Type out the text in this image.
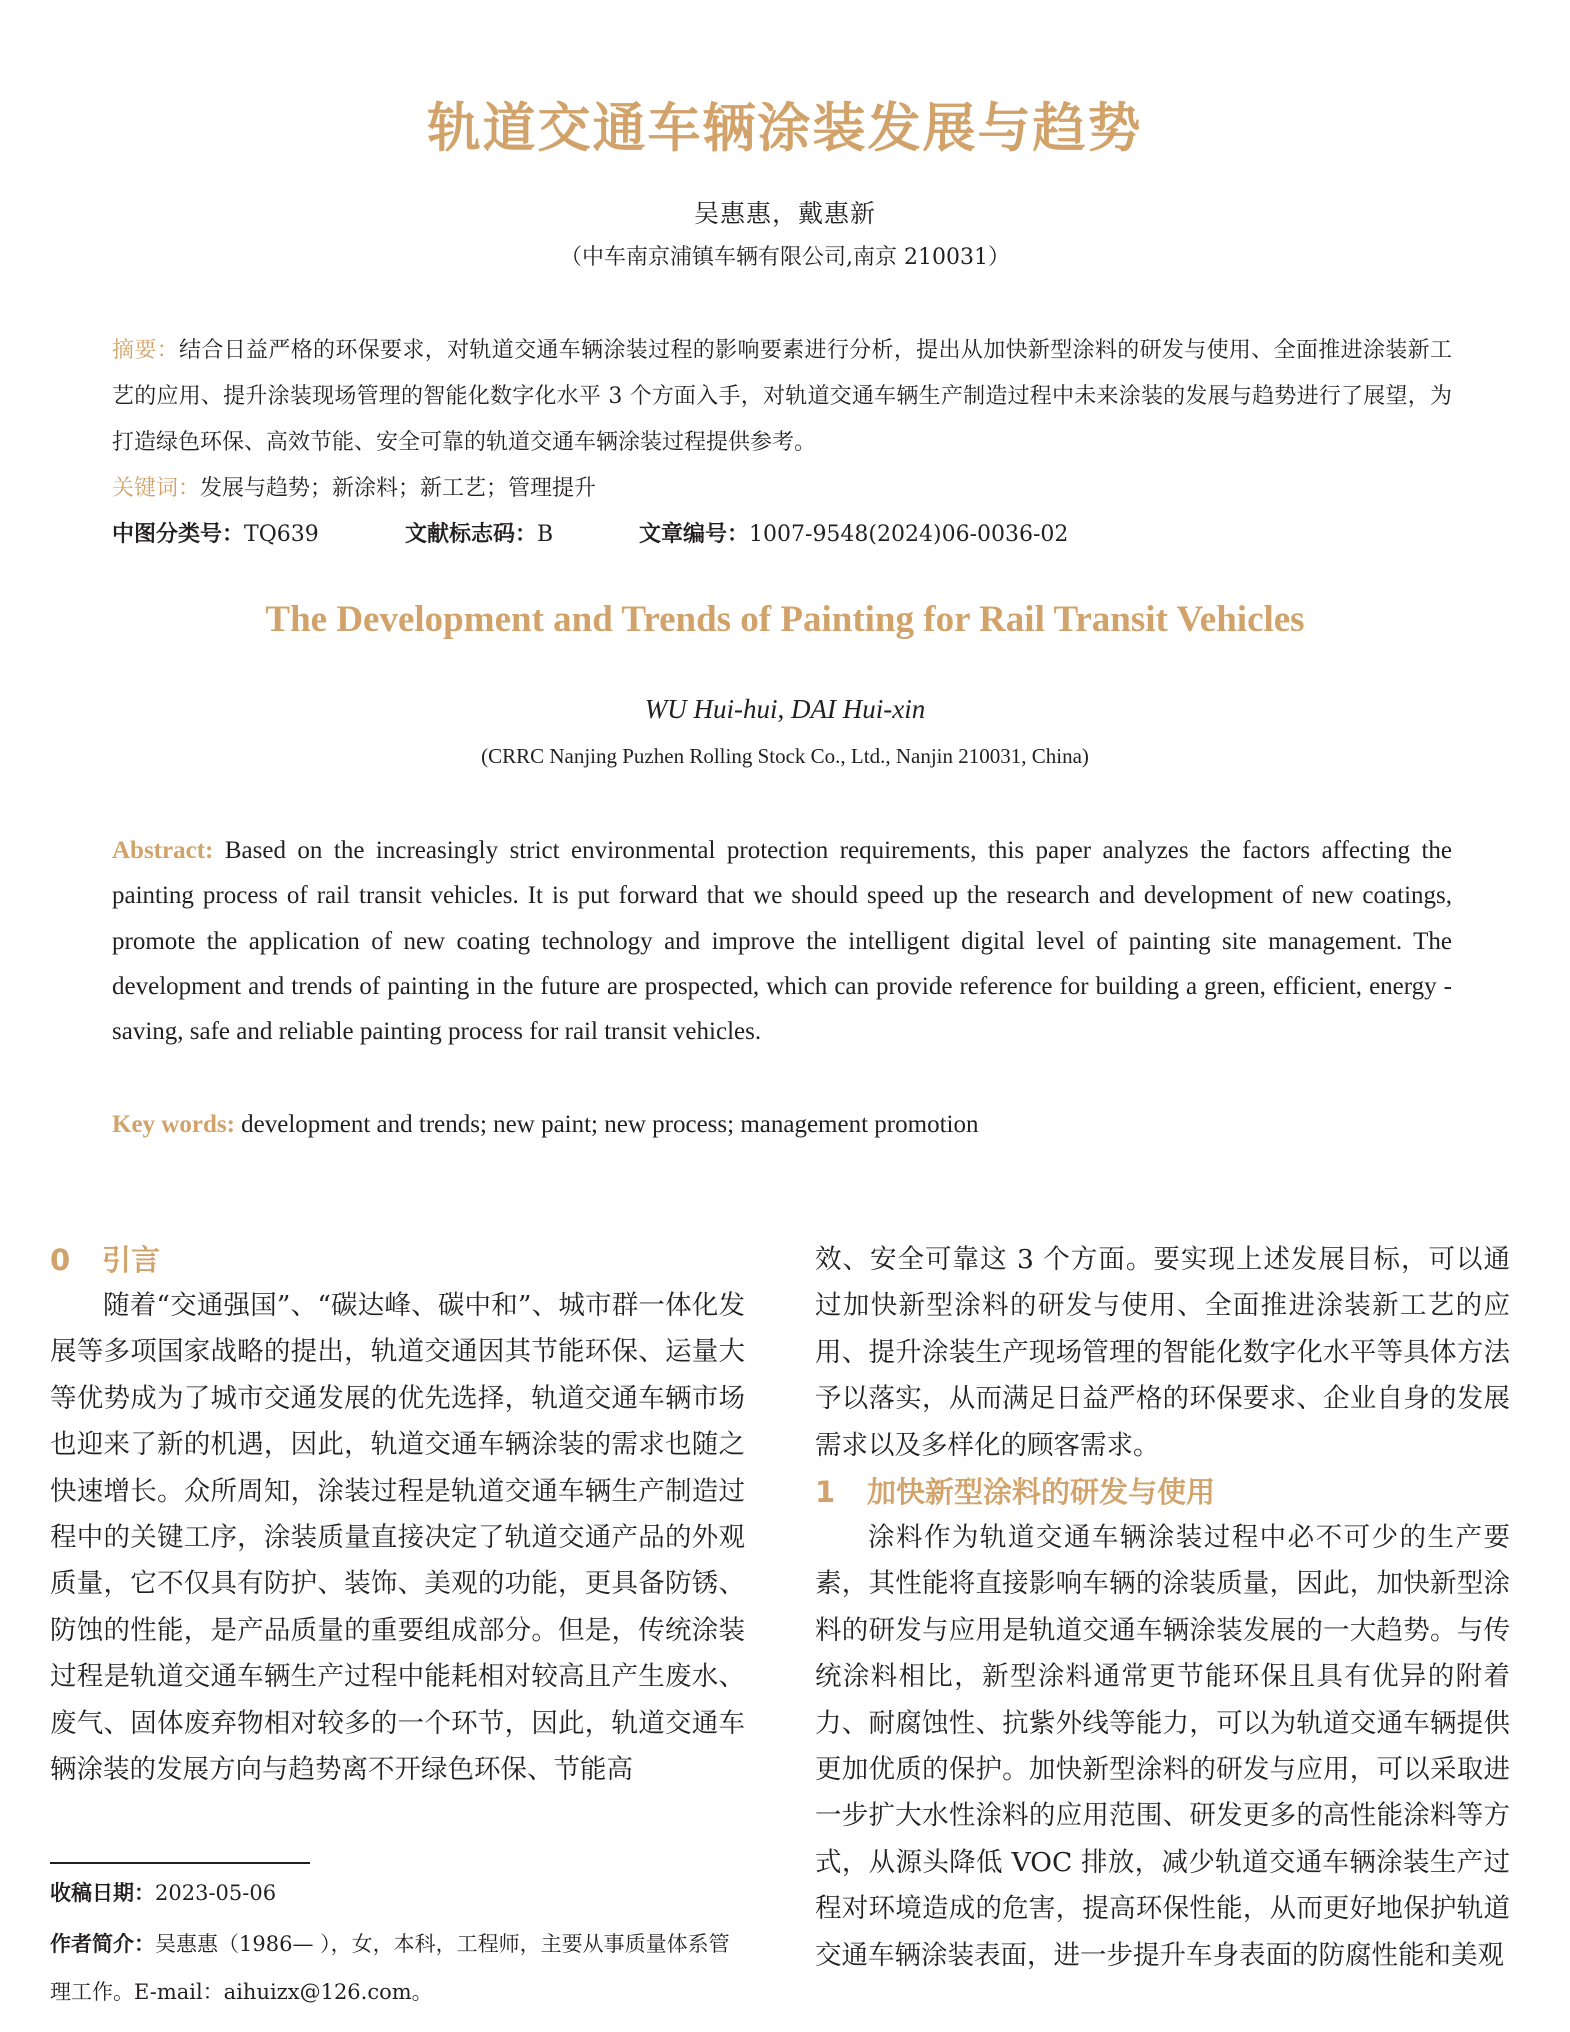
轨道交通车辆涂装发展与趋势
吴惠惠，戴惠新
（中车南京浦镇车辆有限公司,南京 210031）

摘要：结合日益严格的环保要求，对轨道交通车辆涂装过程的影响要素进行分析，提出从加快新型涂料的研发与使用、全面推进涂装新工艺的应用、提升涂装现场管理的智能化数字化水平 3 个方面入手，对轨道交通车辆生产制造过程中未来涂装的发展与趋势进行了展望，为打造绿色环保、高效节能、安全可靠的轨道交通车辆涂装过程提供参考。

关键词：发展与趋势；新涂料；新工艺；管理提升
中图分类号：TQ639	文献标志码：B	文章编号：1007-9548(2024)06-0036-02
The Development and Trends of Painting for Rail Transit Vehicles
WU Hui-hui, DAI Hui-xin
(CRRC Nanjing Puzhen Rolling Stock Co., Ltd., Nanjin 210031, China)

Abstract: Based on the increasingly strict environmental protection requirements, this paper analyzes the factors affecting the painting process of rail transit vehicles. It is put forward that we should speed up the research and development of new coatings, promote the application of new coating technology and improve the intelligent digital level of painting site management. The development and trends of painting in the future are prospected, which can provide reference for building a green, efficient, energy -saving, safe and reliable painting process for rail transit vehicles.

Key words: development and trends; new paint; new process; management promotion
0 引言

随着“交通强国”、“碳达峰、碳中和”、城市群一体化发展等多项国家战略的提出，轨道交通因其节能环保、运量大等优势成为了城市交通发展的优先选择，轨道交通车辆市场也迎来了新的机遇，因此，轨道交通车辆涂装的需求也随之快速增长。众所周知，涂装过程是轨道交通车辆生产制造过程中的关键工序，涂装质量直接决定了轨道交通产品的外观质量，它不仅具有防护、装饰、美观的功能，更具备防锈、防蚀的性能，是产品质量的重要组成部分。但是，传统涂装过程是轨道交通车辆生产过程中能耗相对较高且产生废水、废气、固体废弃物相对较多的一个环节，因此，轨道交通车辆涂装的发展方向与趋势离不开绿色环保、节能高

效、安全可靠这 3 个方面。要实现上述发展目标，可以通过加快新型涂料的研发与使用、全面推进涂装新工艺的应用、提升涂装生产现场管理的智能化数字化水平等具体方法予以落实，从而满足日益严格的环保要求、企业自身的发展需求以及多样化的顾客需求。

1 加快新型涂料的研发与使用

涂料作为轨道交通车辆涂装过程中必不可少的生产要素，其性能将直接影响车辆的涂装质量，因此，加快新型涂料的研发与应用是轨道交通车辆涂装发展的一大趋势。与传统涂料相比，新型涂料通常更节能环保且具有优异的附着力、耐腐蚀性、抗紫外线等能力，可以为轨道交通车辆提供更加优质的保护。加快新型涂料的研发与应用，可以采取进一步扩大水性涂料的应用范围、研发更多的高性能涂料等方式，从源头降低 VOC 排放，减少轨道交通车辆涂装生产过程对环境造成的危害，提高环保性能，从而更好地保护轨道交通车辆涂装表面，进一步提升车身表面的防腐性能和美观

收稿日期：2023-05-06
作者简介：吴惠惠（1986— ），女，本科，工程师，主要从事质量体系管理工作。E-mail：aihuizx@126.com。
